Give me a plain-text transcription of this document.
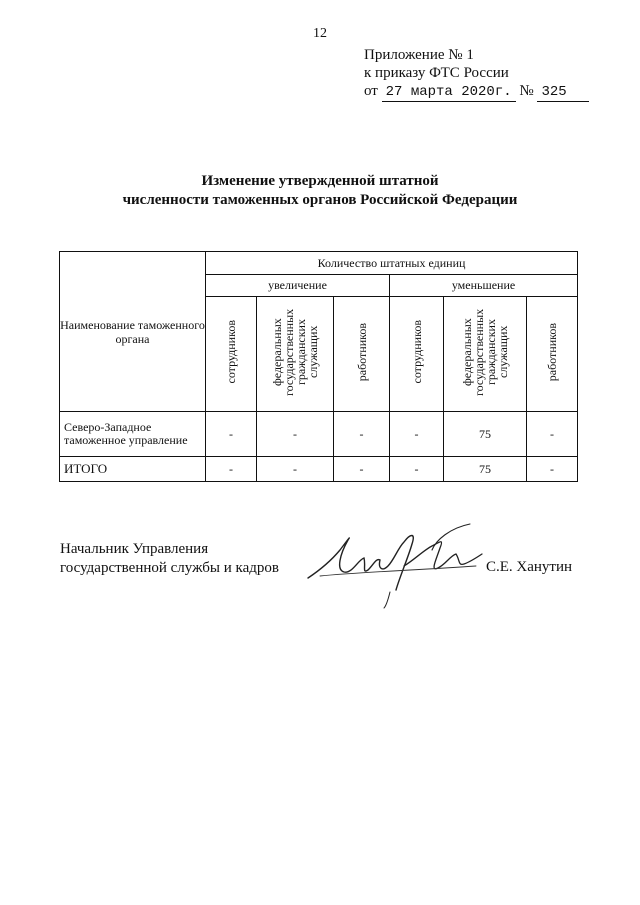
12
Приложение № 1
к приказу ФТС России
от 27 марта 2020г. № 325
Изменение утвержденной штатной
численности таможенных органов Российской Федерации
Наименование таможенного органа	Количество штатных единиц					
	увеличение			уменьшение		
	сотрудников	федеральных государственных гражданских служащих	работников	сотрудников	федеральных государственных гражданских служащих	работников
Северо-Западное таможенное управление	-	-	-	-	75	-
ИТОГО	-	-	-	-	75	-
Начальник Управления
государственной службы и кадров	С.Е. Ханутин
